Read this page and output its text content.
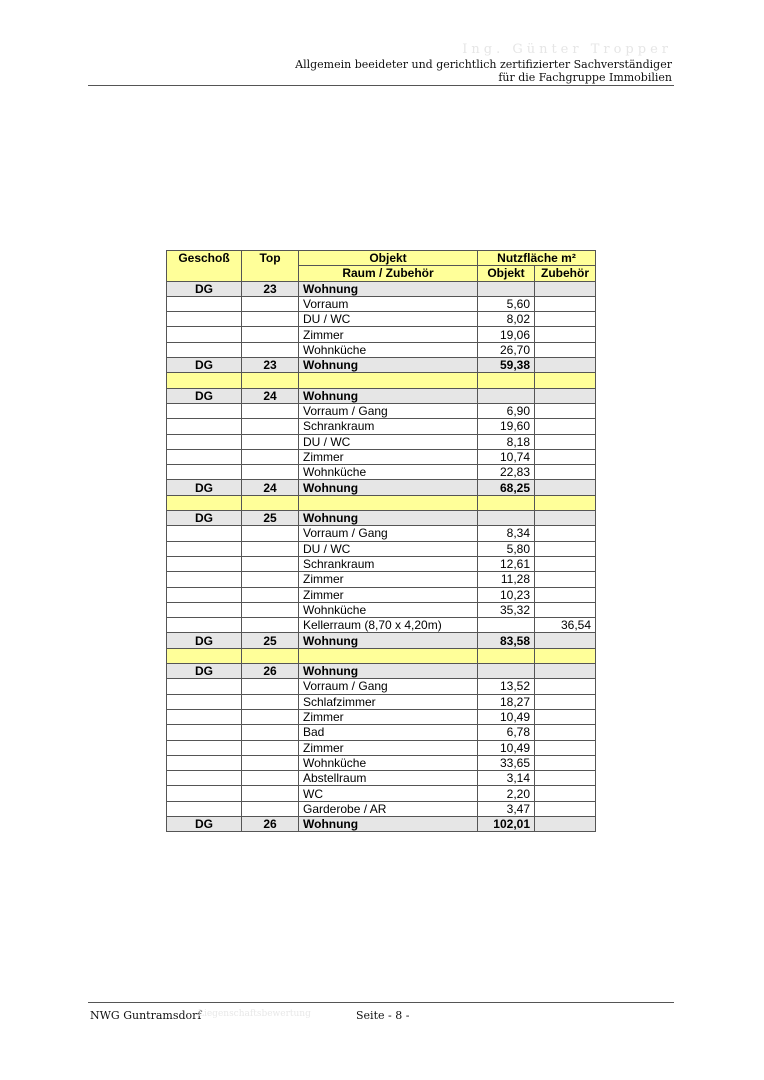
Ing. Günter Tropper
Allgemein beeideter und gerichtlich zertifizierter Sachverständiger
für die Fachgruppe Immobilien
Geschoß	Top	Objekt	Nutzfläche m²	
		Raum / Zubehör	Objekt	Zubehör
DG	23	Wohnung		
		Vorraum	5,60	
		DU / WC	8,02	
		Zimmer	19,06	
		Wohnküche	26,70	
DG	23	Wohnung	59,38	

DG	24	Wohnung		
		Vorraum / Gang	6,90	
		Schrankraum	19,60	
		DU / WC	8,18	
		Zimmer	10,74	
		Wohnküche	22,83	
DG	24	Wohnung	68,25	

DG	25	Wohnung		
		Vorraum / Gang	8,34	
		DU / WC	5,80	
		Schrankraum	12,61	
		Zimmer	11,28	
		Zimmer	10,23	
		Wohnküche	35,32	
		Kellerraum (8,70 x 4,20m)		36,54
DG	25	Wohnung	83,58	

DG	26	Wohnung		
		Vorraum / Gang	13,52	
		Schlafzimmer	18,27	
		Zimmer	10,49	
		Bad	6,78	
		Zimmer	10,49	
		Wohnküche	33,65	
		Abstellraum	3,14	
		WC	2,20	
		Garderobe / AR	3,47	
DG	26	Wohnung	102,01	
NWG Guntramsdorf
Liegenschaftsbewertung	Seite - 8 -
